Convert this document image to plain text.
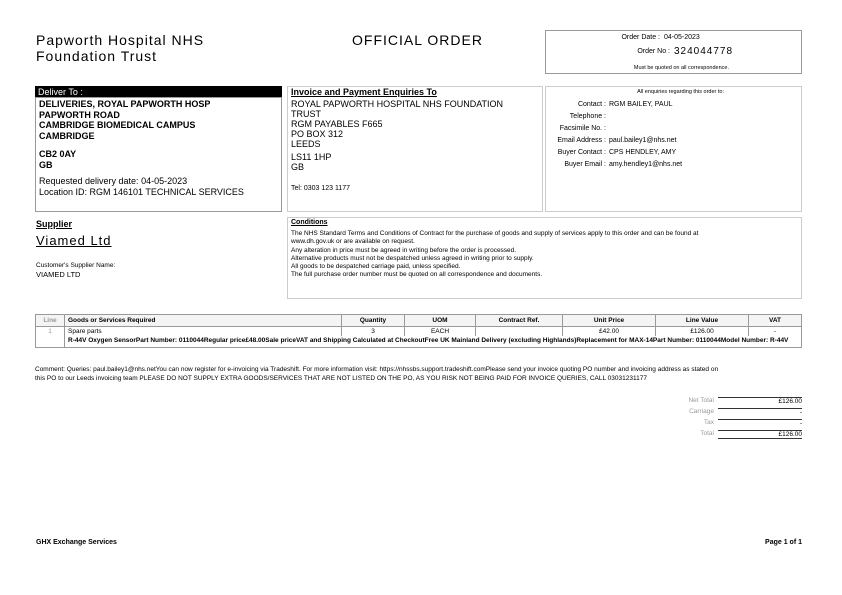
Papworth Hospital NHS
Foundation Trust
OFFICIAL ORDER	Order Date : 04-05-2023
Order No : 324044778
Must be quoted on all correspondence.
Deliver To :
DELIVERIES, ROYAL PAPWORTH HOSP
PAPWORTH ROAD
CAMBRIDGE BIOMEDICAL CAMPUS
CAMBRIDGE
CB2 0AY
GB
Requested delivery date: 04-05-2023
Location ID: RGM 146101 TECHNICAL SERVICES
Invoice and Payment Enquiries To
ROYAL PAPWORTH HOSPITAL NHS FOUNDATION
TRUST
RGM PAYABLES F665
PO BOX 312
LEEDS
LS11 1HP
GB
Tel: 0303 123 1177
All enquiries regarding this order to:
Contact : RGM BAILEY, PAUL
Telephone :
Facsimile No. :
Email Address : paul.bailey1@nhs.net
Buyer Contact : CPS HENDLEY, AMY
Buyer Email : amy.hendley1@nhs.net
Supplier
Viamed Ltd
Customer's Supplier Name:
VIAMED LTD
Conditions
The NHS Standard Terms and Conditions of Contract for the purchase of goods and supply of services apply to this order and can be found at
www.dh.gov.uk or are available on request.
Any alteration in price must be agreed in writing before the order is processed.
Alternative products must not be despatched unless agreed in writing prior to supply.
All goods to be despatched carriage paid, unless specified.
The full purchase order number must be quoted on all correspondence and documents.
Line	Goods or Services Required	Quantity	UOM	Contract Ref.	Unit Price	Line Value	VAT
1	Spare parts	3	EACH		£42.00	£126.00	-
	R-44V Oxygen SensorPart Number: 0110044Regular price£48.00Sale priceVAT and Shipping Calculated at CheckoutFree UK Mainland Delivery (excluding Highlands)Replacement for MAX-14Part Number: 0110044Model Number: R-44V						
Comment: Queries: paul.bailey1@nhs.netYou can now register for e-invoicing via Tradeshift. For more information visit: https://nhssbs.support.tradeshift.comPlease send your invoice quoting PO number and invoicing address as stated on this PO to our Leeds invoicing team PLEASE DO NOT SUPPLY EXTRA GOODS/SERVICES THAT ARE NOT LISTED ON THE PO, AS YOU RISK NOT BEING PAID FOR INVOICE QUERIES, CALL 03031231177
Net Total	£126.00
Carriage	-
Tax	-
Total	£126.00
GHX Exchange Services	Page 1 of 1
